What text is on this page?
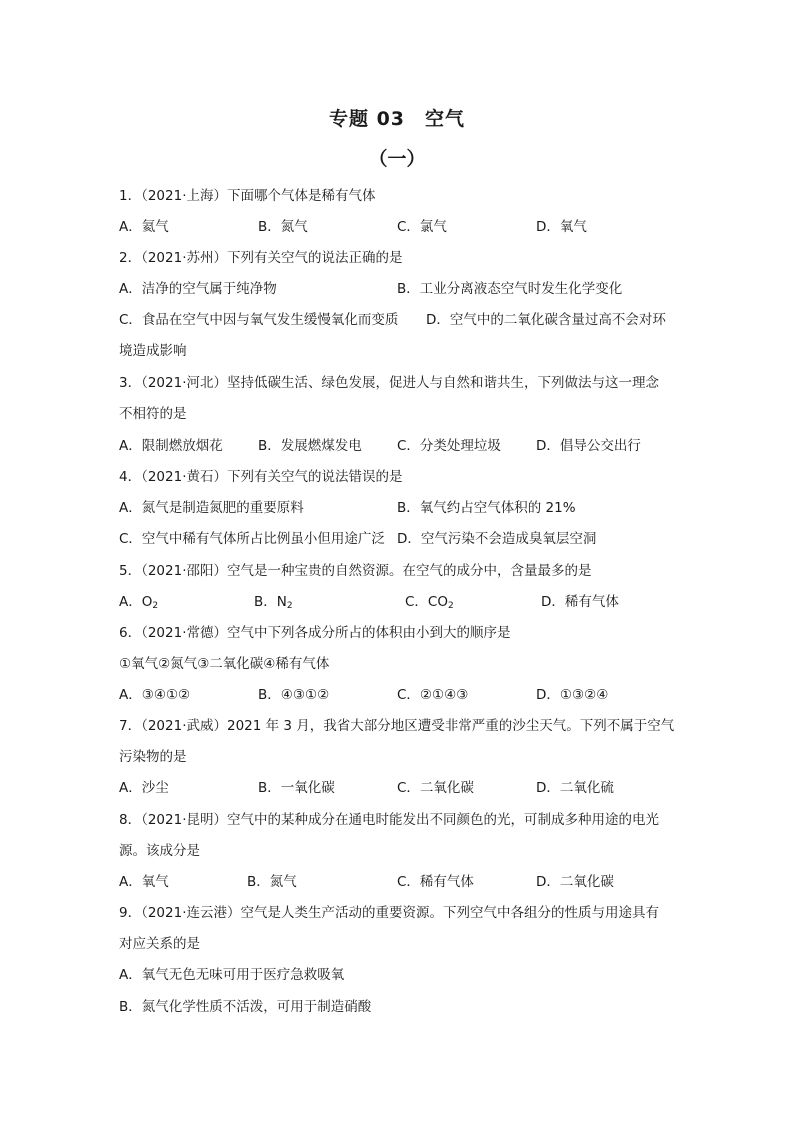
专题 03　空气
（一）
1．（2021·上海）下面哪个气体是稀有气体
A．氦气	B．氮气	C．氯气	D．氧气
2．（2021·苏州）下列有关空气的说法正确的是
A．洁净的空气属于纯净物	B．工业分离液态空气时发生化学变化
C．食品在空气中因与氧气发生缓慢氧化而变质 D．空气中的二氧化碳含量过高不会对环
境造成影响
3．（2021·河北）坚持低碳生活、绿色发展，促进人与自然和谐共生，下列做法与这一理念
不相符的是
A．限制燃放烟花	B．发展燃煤发电	C．分类处理垃圾	D．倡导公交出行
4．（2021·黄石）下列有关空气的说法错误的是
A．氮气是制造氮肥的重要原料	B．氧气约占空气体积的 21%
C．空气中稀有气体所占比例虽小但用途广泛 D．空气污染不会造成臭氧层空洞
5．（2021·邵阳）空气是一种宝贵的自然资源。在空气的成分中，含量最多的是
A．$O_2$	B．$N_2$	C．$CO_2$	D．稀有气体
6．（2021·常德）空气中下列各成分所占的体积由小到大的顺序是
①氧气②氮气③二氧化碳④稀有气体
A．③④①②	B．④③①②	C．②①④③	D．①③②④
7．（2021·武威）2021 年 3 月，我省大部分地区遭受非常严重的沙尘天气。下列不属于空气
污染物的是
A．沙尘	B．一氧化碳	C．二氧化碳	D．二氧化硫
8．（2021·昆明）空气中的某种成分在通电时能发出不同颜色的光，可制成多种用途的电光
源。该成分是
A．氧气	B．氮气	C．稀有气体	D．二氧化碳
9．（2021·连云港）空气是人类生产活动的重要资源。下列空气中各组分的性质与用途具有
对应关系的是
A．氧气无色无味可用于医疗急救吸氧
B．氮气化学性质不活泼，可用于制造硝酸
